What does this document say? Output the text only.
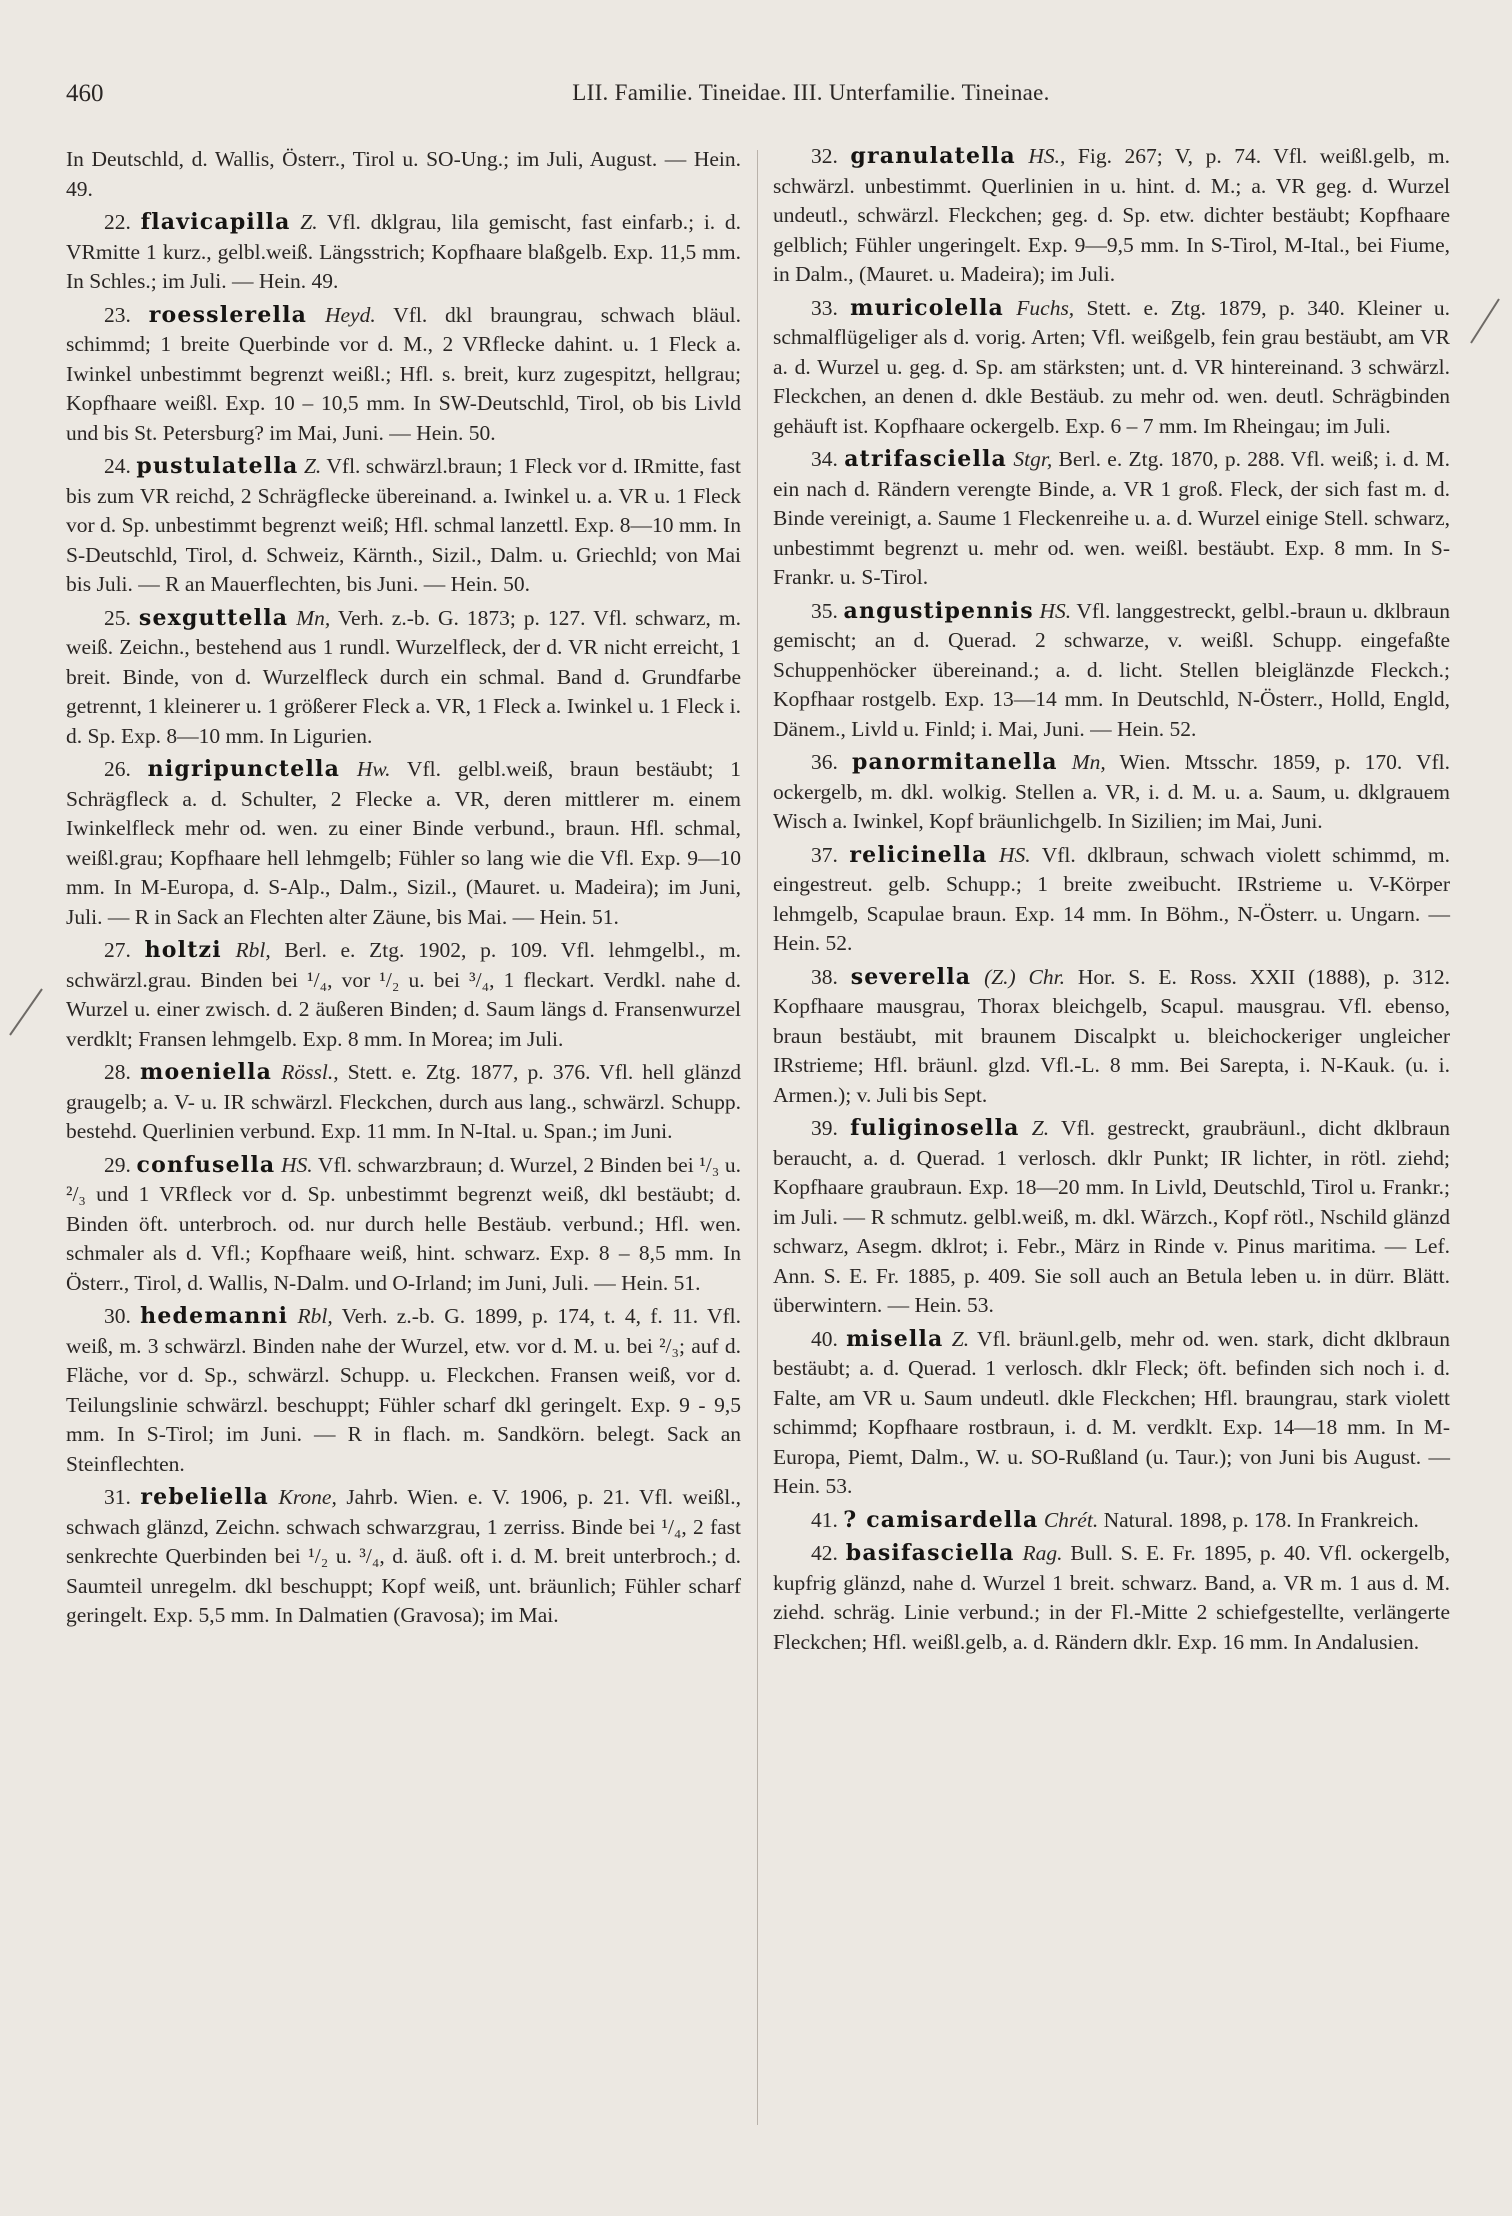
460	LII. Familie. Tineidae. III. Unterfamilie. Tineinae.

In Deutschld, d. Wallis, Österr., Tirol u. SO-Ung.; im Juli, August. — Hein. 49.

22. flavicapilla Z. Vfl. dklgrau, lila gemischt, fast einfarb.; i. d. VRmitte 1 kurz., gelbl.weiß. Längsstrich; Kopfhaare blaßgelb. Exp. 11,5 mm. In Schles.; im Juli. — Hein. 49.

23. roesslerella Heyd. Vfl. dkl braungrau, schwach bläul. schimmd; 1 breite Querbinde vor d. M., 2 VRflecke dahint. u. 1 Fleck a. Iwinkel unbestimmt begrenzt weißl.; Hfl. s. breit, kurz zugespitzt, hellgrau; Kopfhaare weißl. Exp. 10 – 10,5 mm. In SW-Deutschld, Tirol, ob bis Livld und bis St. Petersburg? im Mai, Juni. — Hein. 50.

24. pustulatella Z. Vfl. schwärzl.braun; 1 Fleck vor d. IRmitte, fast bis zum VR reichd, 2 Schrägflecke übereinand. a. Iwinkel u. a. VR u. 1 Fleck vor d. Sp. unbestimmt begrenzt weiß; Hfl. schmal lanzettl. Exp. 8—10 mm. In S-Deutschld, Tirol, d. Schweiz, Kärnth., Sizil., Dalm. u. Griechld; von Mai bis Juli. — R an Mauerflechten, bis Juni. — Hein. 50.

25. sexguttella Mn, Verh. z.-b. G. 1873; p. 127. Vfl. schwarz, m. weiß. Zeichn., bestehend aus 1 rundl. Wurzelfleck, der d. VR nicht erreicht, 1 breit. Binde, von d. Wurzelfleck durch ein schmal. Band d. Grundfarbe getrennt, 1 kleinerer u. 1 größerer Fleck a. VR, 1 Fleck a. Iwinkel u. 1 Fleck i. d. Sp. Exp. 8—10 mm. In Ligurien.

26. nigripunctella Hw. Vfl. gelbl.weiß, braun bestäubt; 1 Schrägfleck a. d. Schulter, 2 Flecke a. VR, deren mittlerer m. einem Iwinkelfleck mehr od. wen. zu einer Binde verbund., braun. Hfl. schmal, weißl.grau; Kopfhaare hell lehmgelb; Fühler so lang wie die Vfl. Exp. 9—10 mm. In M-Europa, d. S-Alp., Dalm., Sizil., (Mauret. u. Madeira); im Juni, Juli. — R in Sack an Flechten alter Zäune, bis Mai. — Hein. 51.

27. holtzi Rbl, Berl. e. Ztg. 1902, p. 109. Vfl. lehmgelbl., m. schwärzl.grau. Binden bei ¹/₄, vor ¹/₂ u. bei ³/₄, 1 fleckart. Verdkl. nahe d. Wurzel u. einer zwisch. d. 2 äußeren Binden; d. Saum längs d. Fransenwurzel verdklt; Fransen lehmgelb. Exp. 8 mm. In Morea; im Juli.

28. moeniella Rössl., Stett. e. Ztg. 1877, p. 376. Vfl. hell glänzd graugelb; a. V- u. IR schwärzl. Fleckchen, durch aus lang., schwärzl. Schupp. bestehd. Querlinien verbund. Exp. 11 mm. In N-Ital. u. Span.; im Juni.

29. confusella HS. Vfl. schwarzbraun; d. Wurzel, 2 Binden bei ¹/₃ u. ²/₃ und 1 VRfleck vor d. Sp. unbestimmt begrenzt weiß, dkl bestäubt; d. Binden öft. unterbroch. od. nur durch helle Bestäub. verbund.; Hfl. wen. schmaler als d. Vfl.; Kopfhaare weiß, hint. schwarz. Exp. 8 – 8,5 mm. In Österr., Tirol, d. Wallis, N-Dalm. und O-Irland; im Juni, Juli. — Hein. 51.

30. hedemanni Rbl, Verh. z.-b. G. 1899, p. 174, t. 4, f. 11. Vfl. weiß, m. 3 schwärzl. Binden nahe der Wurzel, etw. vor d. M. u. bei ²/₃; auf d. Fläche, vor d. Sp., schwärzl. Schupp. u. Fleckchen. Fransen weiß, vor d. Teilungslinie schwärzl. beschuppt; Fühler scharf dkl geringelt. Exp. 9 - 9,5 mm. In S-Tirol; im Juni. — R in flach. m. Sandkörn. belegt. Sack an Steinflechten.

31. rebeliella Krone, Jahrb. Wien. e. V. 1906, p. 21. Vfl. weißl., schwach glänzd, Zeichn. schwach schwarzgrau, 1 zerriss. Binde bei ¹/₄, 2 fast senkrechte Querbinden bei ¹/₂ u. ³/₄, d. äuß. oft i. d. M. breit unterbroch.; d. Saumteil unregelm. dkl beschuppt; Kopf weiß, unt. bräunlich; Fühler scharf geringelt. Exp. 5,5 mm. In Dalmatien (Gravosa); im Mai.

32. granulatella HS., Fig. 267; V, p. 74. Vfl. weißl.gelb, m. schwärzl. unbestimmt. Querlinien in u. hint. d. M.; a. VR geg. d. Wurzel undeutl., schwärzl. Fleckchen; geg. d. Sp. etw. dichter bestäubt; Kopfhaare gelblich; Fühler ungeringelt. Exp. 9—9,5 mm. In S-Tirol, M-Ital., bei Fiume, in Dalm., (Mauret. u. Madeira); im Juli.

33. muricolella Fuchs, Stett. e. Ztg. 1879, p. 340. Kleiner u. schmalflügeliger als d. vorig. Arten; Vfl. weißgelb, fein grau bestäubt, am VR a. d. Wurzel u. geg. d. Sp. am stärksten; unt. d. VR hintereinand. 3 schwärzl. Fleckchen, an denen d. dkle Bestäub. zu mehr od. wen. deutl. Schrägbinden gehäuft ist. Kopfhaare ockergelb. Exp. 6 – 7 mm. Im Rheingau; im Juli.

34. atrifasciella Stgr, Berl. e. Ztg. 1870, p. 288. Vfl. weiß; i. d. M. ein nach d. Rändern verengte Binde, a. VR 1 groß. Fleck, der sich fast m. d. Binde vereinigt, a. Saume 1 Fleckenreihe u. a. d. Wurzel einige Stell. schwarz, unbestimmt begrenzt u. mehr od. wen. weißl. bestäubt. Exp. 8 mm. In S-Frankr. u. S-Tirol.

35. angustipennis HS. Vfl. langgestreckt, gelbl.-braun u. dklbraun gemischt; an d. Querad. 2 schwarze, v. weißl. Schupp. eingefaßte Schuppenhöcker übereinand.; a. d. licht. Stellen bleiglänzde Fleckch.; Kopfhaar rostgelb. Exp. 13—14 mm. In Deutschld, N-Österr., Holld, Engld, Dänem., Livld u. Finld; i. Mai, Juni. — Hein. 52.

36. panormitanella Mn, Wien. Mtsschr. 1859, p. 170. Vfl. ockergelb, m. dkl. wolkig. Stellen a. VR, i. d. M. u. a. Saum, u. dklgrauem Wisch a. Iwinkel, Kopf bräunlichgelb. In Sizilien; im Mai, Juni.

37. relicinella HS. Vfl. dklbraun, schwach violett schimmd, m. eingestreut. gelb. Schupp.; 1 breite zweibucht. IRstrieme u. V-Körper lehmgelb, Scapulae braun. Exp. 14 mm. In Böhm., N-Österr. u. Ungarn. — Hein. 52.

38. severella (Z.) Chr. Hor. S. E. Ross. XXII (1888), p. 312. Kopfhaare mausgrau, Thorax bleichgelb, Scapul. mausgrau. Vfl. ebenso, braun bestäubt, mit braunem Discalpkt u. bleichockeriger ungleicher IRstrieme; Hfl. bräunl. glzd. Vfl.-L. 8 mm. Bei Sarepta, i. N-Kauk. (u. i. Armen.); v. Juli bis Sept.

39. fuliginosella Z. Vfl. gestreckt, graubräunl., dicht dklbraun beraucht, a. d. Querad. 1 verlosch. dklr Punkt; IR lichter, in rötl. ziehd; Kopfhaare graubraun. Exp. 18—20 mm. In Livld, Deutschld, Tirol u. Frankr.; im Juli. — R schmutz. gelbl.weiß, m. dkl. Wärzch., Kopf rötl., Nschild glänzd schwarz, Asegm. dklrot; i. Febr., März in Rinde v. Pinus maritima. — Lef. Ann. S. E. Fr. 1885, p. 409. Sie soll auch an Betula leben u. in dürr. Blätt. überwintern. — Hein. 53.

40. misella Z. Vfl. bräunl.gelb, mehr od. wen. stark, dicht dklbraun bestäubt; a. d. Querad. 1 verlosch. dklr Fleck; öft. befinden sich noch i. d. Falte, am VR u. Saum undeutl. dkle Fleckchen; Hfl. braungrau, stark violett schimmd; Kopfhaare rostbraun, i. d. M. verdklt. Exp. 14—18 mm. In M-Europa, Piemt, Dalm., W. u. SO-Rußland (u. Taur.); von Juni bis August. — Hein. 53.

41. ? camisardella Chrét. Natural. 1898, p. 178. In Frankreich.

42. basifasciella Rag. Bull. S. E. Fr. 1895, p. 40. Vfl. ockergelb, kupfrig glänzd, nahe d. Wurzel 1 breit. schwarz. Band, a. VR m. 1 aus d. M. ziehd. schräg. Linie verbund.; in der Fl.-Mitte 2 schiefgestellte, verlängerte Fleckchen; Hfl. weißl.gelb, a. d. Rändern dklr. Exp. 16 mm. In Andalusien.
